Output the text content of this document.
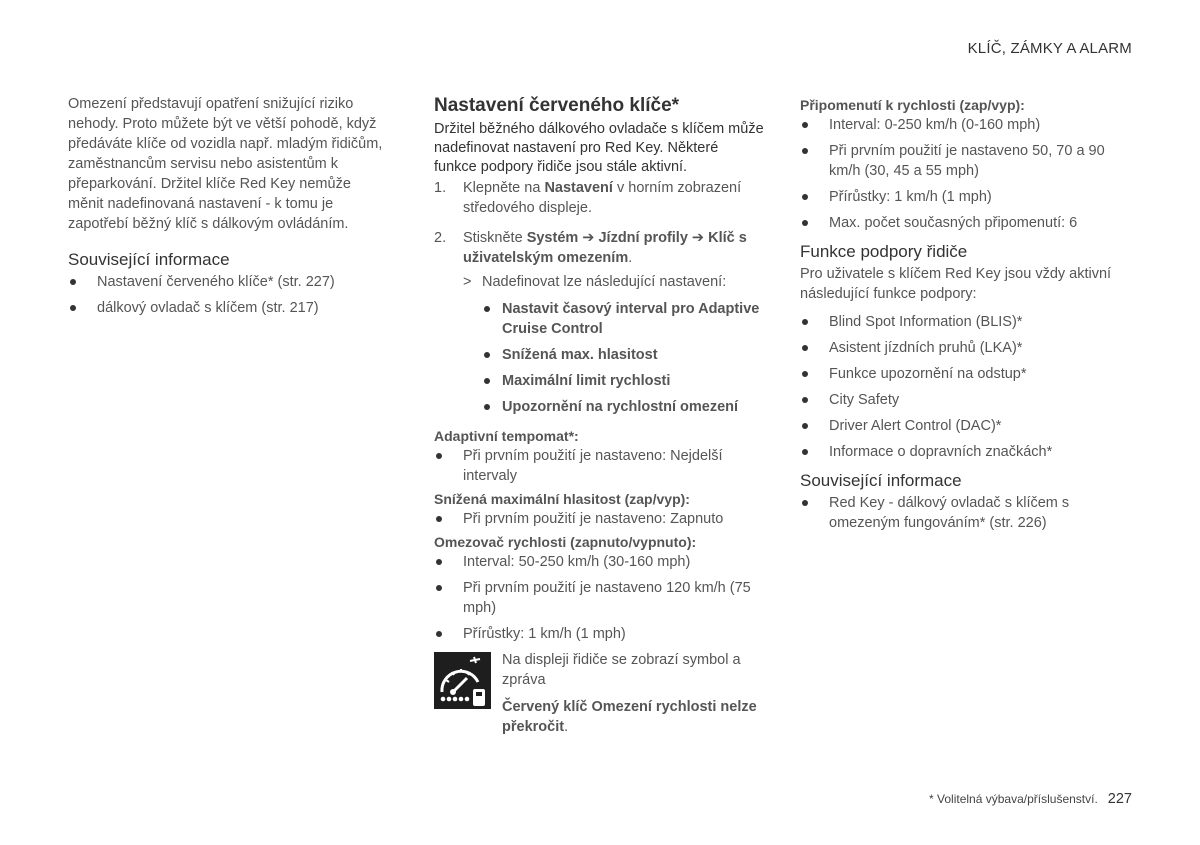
KLÍČ, ZÁMKY A ALARM

Omezení představují opatření snižující riziko nehody. Proto můžete být ve větší pohodě, když předáváte klíče od vozidla např. mladým řidičům, zaměstnancům servisu nebo asistentům k přeparkování. Držitel klíče Red Key nemůže měnit nadefinovaná nastavení - k tomu je zapotřebí běžný klíč s dálkovým ovládáním.

Související informace
Nastavení červeného klíče* (str. 227)
dálkový ovladač s klíčem (str. 217)
Nastavení červeného klíče*

Držitel běžného dálkového ovladače s klíčem může nadefinovat nastavení pro Red Key. Některé funkce podpory řidiče jsou stále aktivní.

1. Klepněte na Nastavení v horním zobrazení středového displeje.
2. Stiskněte Systém ➔ Jízdní profily ➔ Klíč s uživatelským omezením.
> Nadefinovat lze následující nastavení:
Nastavit časový interval pro Adaptive Cruise Control
Snížená max. hlasitost
Maximální limit rychlosti
Upozornění na rychlostní omezení
Adaptivní tempomat*:
Při prvním použití je nastaveno: Nejdelší intervaly
Snížená maximální hlasitost (zap/vyp):
Při prvním použití je nastaveno: Zapnuto
Omezovač rychlosti (zapnuto/vypnuto):
Interval: 50-250 km/h (30-160 mph)
Při prvním použití je nastaveno 120 km/h (75 mph)
Přírůstky: 1 km/h (1 mph)
Na displeji řidiče se zobrazí symbol a zpráva
Červený klíč Omezení rychlosti nelze překročit.
Připomenutí k rychlosti (zap/vyp):
Interval: 0-250 km/h (0-160 mph)
Při prvním použití je nastaveno 50, 70 a 90 km/h (30, 45 a 55 mph)
Přírůstky: 1 km/h (1 mph)
Max. počet současných připomenutí: 6
Funkce podpory řidiče

Pro uživatele s klíčem Red Key jsou vždy aktivní následující funkce podpory:

Blind Spot Information (BLIS)*
Asistent jízdních pruhů (LKA)*
Funkce upozornění na odstup*
City Safety
Driver Alert Control (DAC)*
Informace o dopravních značkách*
Související informace
Red Key - dálkový ovladač s klíčem s omezeným fungováním* (str. 226)
* Volitelná výbava/příslušenství. 227
